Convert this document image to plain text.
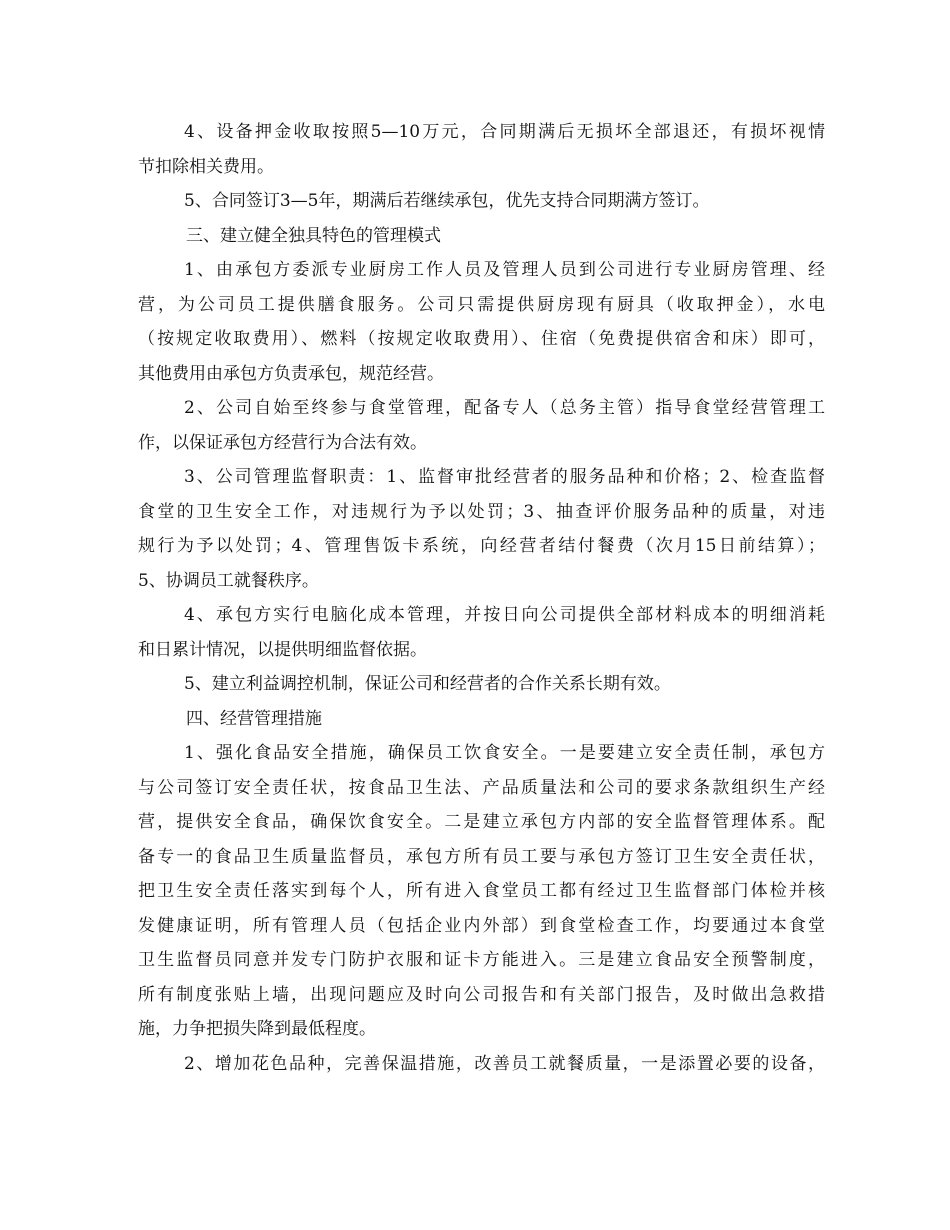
4、设备押金收取按照5—10万元，合同期满后无损坏全部退还，有损坏视情
节扣除相关费用。
5、合同签订3—5年，期满后若继续承包，优先支持合同期满方签订。
三、建立健全独具特色的管理模式
1、由承包方委派专业厨房工作人员及管理人员到公司进行专业厨房管理、经
营，为公司员工提供膳食服务。公司只需提供厨房现有厨具（收取押金），水电
（按规定收取费用）、燃料（按规定收取费用）、住宿（免费提供宿舍和床）即可，
其他费用由承包方负责承包，规范经营。
2、公司自始至终参与食堂管理，配备专人（总务主管）指导食堂经营管理工
作，以保证承包方经营行为合法有效。
3、公司管理监督职责：1、监督审批经营者的服务品种和价格；2、检查监督
食堂的卫生安全工作，对违规行为予以处罚；3、抽查评价服务品种的质量，对违
规行为予以处罚；4、管理售饭卡系统，向经营者结付餐费（次月15日前结算）；
5、协调员工就餐秩序。
4、承包方实行电脑化成本管理，并按日向公司提供全部材料成本的明细消耗
和日累计情况，以提供明细监督依据。
5、建立利益调控机制，保证公司和经营者的合作关系长期有效。
四、经营管理措施
1、强化食品安全措施，确保员工饮食安全。一是要建立安全责任制，承包方
与公司签订安全责任状，按食品卫生法、产品质量法和公司的要求条款组织生产经
营，提供安全食品，确保饮食安全。二是建立承包方内部的安全监督管理体系。配
备专一的食品卫生质量监督员，承包方所有员工要与承包方签订卫生安全责任状，
把卫生安全责任落实到每个人，所有进入食堂员工都有经过卫生监督部门体检并核
发健康证明，所有管理人员（包括企业内外部）到食堂检查工作，均要通过本食堂
卫生监督员同意并发专门防护衣服和证卡方能进入。三是建立食品安全预警制度，
所有制度张贴上墙，出现问题应及时向公司报告和有关部门报告，及时做出急救措
施，力争把损失降到最低程度。
2、增加花色品种，完善保温措施，改善员工就餐质量，一是添置必要的设备，
